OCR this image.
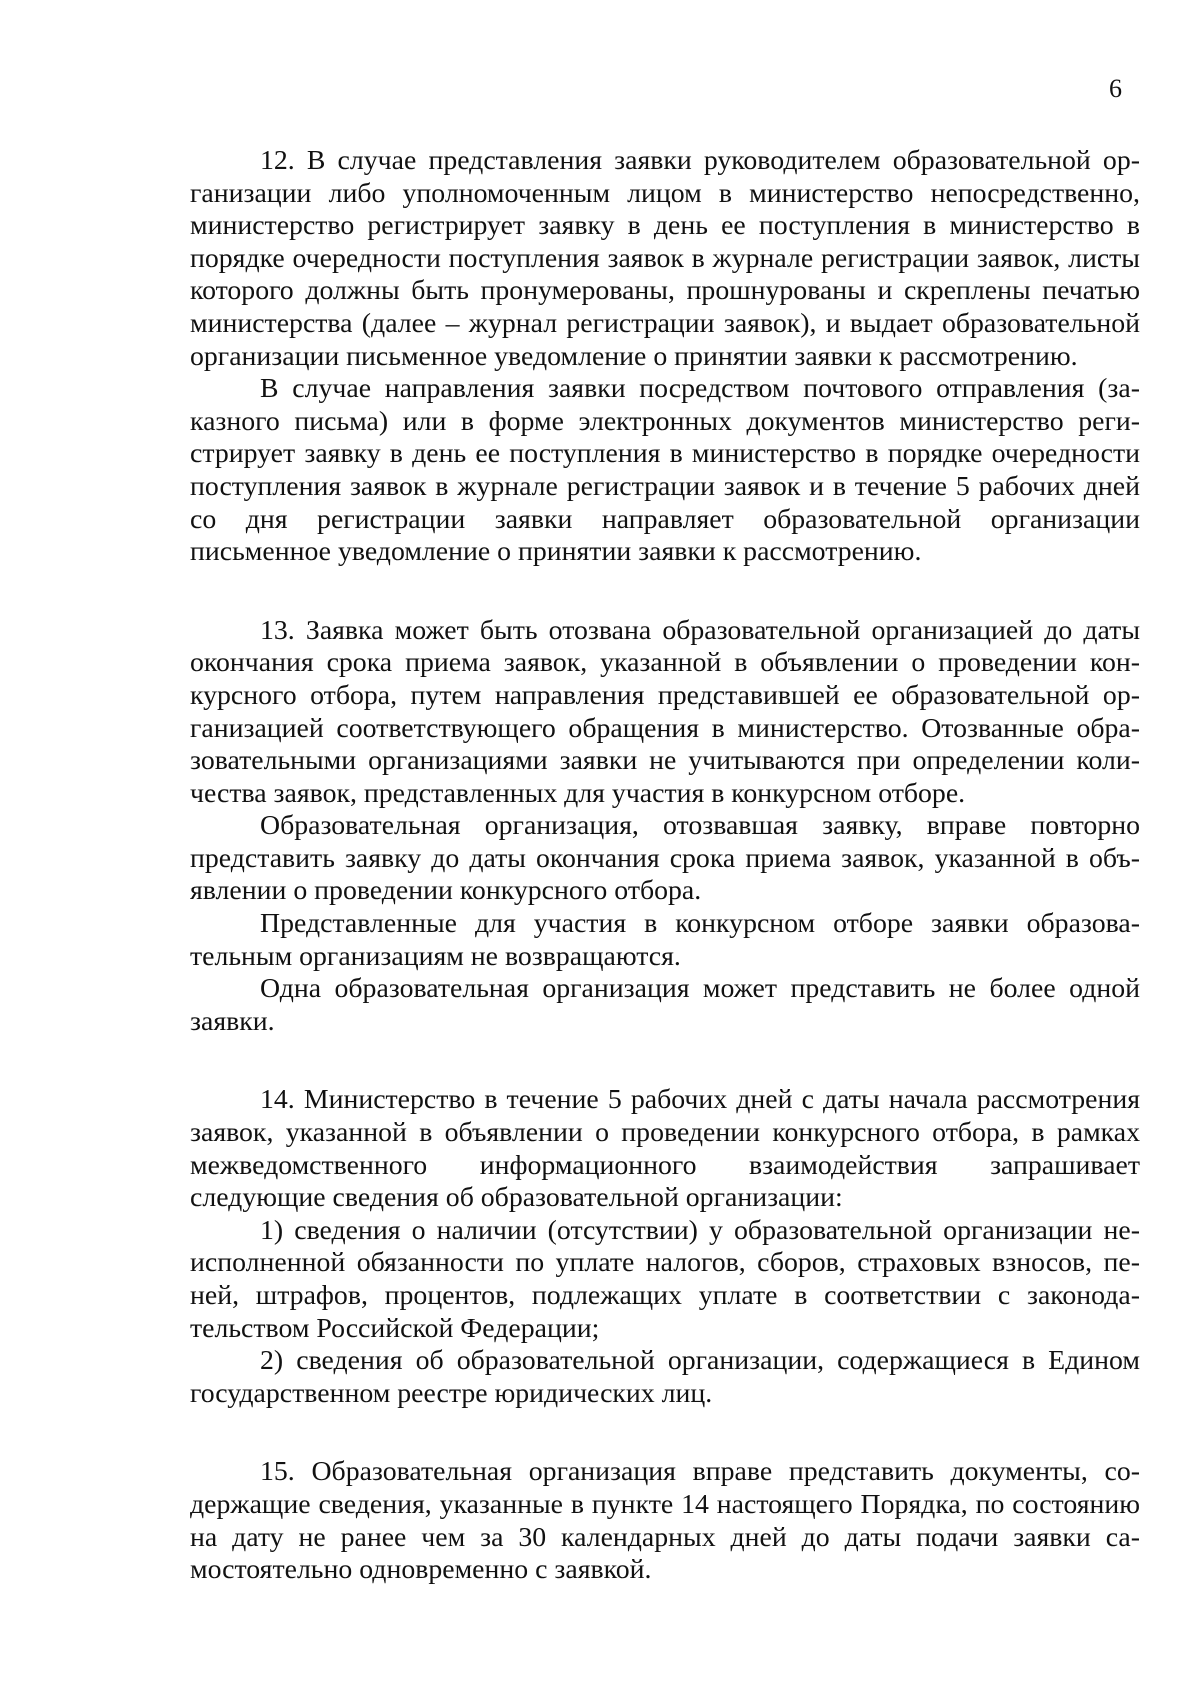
6

12. В случае представления заявки руководителем образовательной организации либо уполномоченным лицом в министерство непосредственно, министерство регистрирует заявку в день ее поступления в министерство в порядке очередности поступления заявок в журнале регистрации заявок, листы которого должны быть пронумерованы, прошнурованы и скреплены печатью министерства (далее – журнал регистрации заявок), и выдает образовательной организации письменное уведомление о принятии заявки к рассмотрению.

В случае направления заявки посредством почтового отправления (заказного письма) или в форме электронных документов министерство регистрирует заявку в день ее поступления в министерство в порядке очередности поступления заявок в журнале регистрации заявок и в течение 5 рабочих дней со дня регистрации заявки направляет образовательной организации письменное уведомление о принятии заявки к рассмотрению.

13. Заявка может быть отозвана образовательной организацией до даты окончания срока приема заявок, указанной в объявлении о проведении конкурсного отбора, путем направления представившей ее образовательной организацией соответствующего обращения в министерство. Отозванные образовательными организациями заявки не учитываются при определении количества заявок, представленных для участия в конкурсном отборе.

Образовательная организация, отозвавшая заявку, вправе повторно представить заявку до даты окончания срока приема заявок, указанной в объявлении о проведении конкурсного отбора.

Представленные для участия в конкурсном отборе заявки образовательным организациям не возвращаются.

Одна образовательная организация может представить не более одной заявки.

14. Министерство в течение 5 рабочих дней с даты начала рассмотрения заявок, указанной в объявлении о проведении конкурсного отбора, в рамках межведомственного информационного взаимодействия запрашивает следующие сведения об образовательной организации:

1) сведения о наличии (отсутствии) у образовательной организации неисполненной обязанности по уплате налогов, сборов, страховых взносов, пеней, штрафов, процентов, подлежащих уплате в соответствии с законодательством Российской Федерации;

2) сведения об образовательной организации, содержащиеся в Едином государственном реестре юридических лиц.

15. Образовательная организация вправе представить документы, содержащие сведения, указанные в пункте 14 настоящего Порядка, по состоянию на дату не ранее чем за 30 календарных дней до даты подачи заявки самостоятельно одновременно с заявкой.
